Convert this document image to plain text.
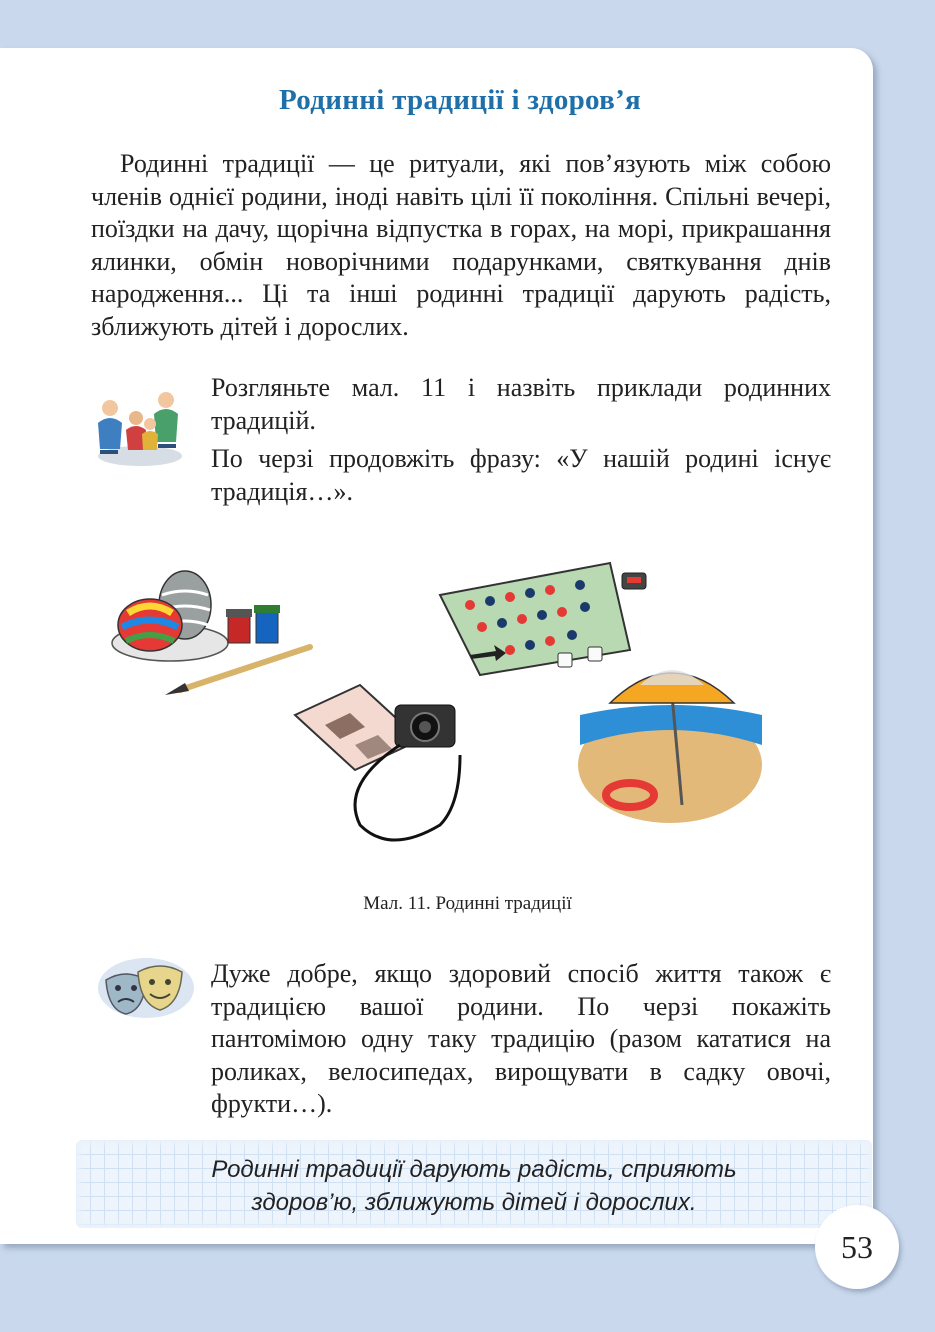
Родинні традиції і здоров’я

Родинні традиції — це ритуали, які пов’язують між собою членів однієї родини, іноді навіть цілі її покоління. Спільні вечері, поїздки на дачу, щорічна відпустка в горах, на морі, прикрашання ялинки, обмін новорічними подарунками, святкування днів народження... Ці та інші родинні традиції дарують радість, зближують дітей і дорослих.

Розгляньте мал. 11 і назвіть приклади родинних традицій.

По черзі продовжіть фразу: «У нашій родині існує традиція…».

Мал. 11. Родинні традиції

Дуже добре, якщо здоровий спосіб життя також є традицією вашої родини. По черзі покажіть пантомімою одну таку традицію (разом кататися на роликах, велосипедах, вирощувати в садку овочі, фрукти…).

Родинні традиції дарують радість, сприяють
здоров’ю, зближують дітей і дорослих.
53
